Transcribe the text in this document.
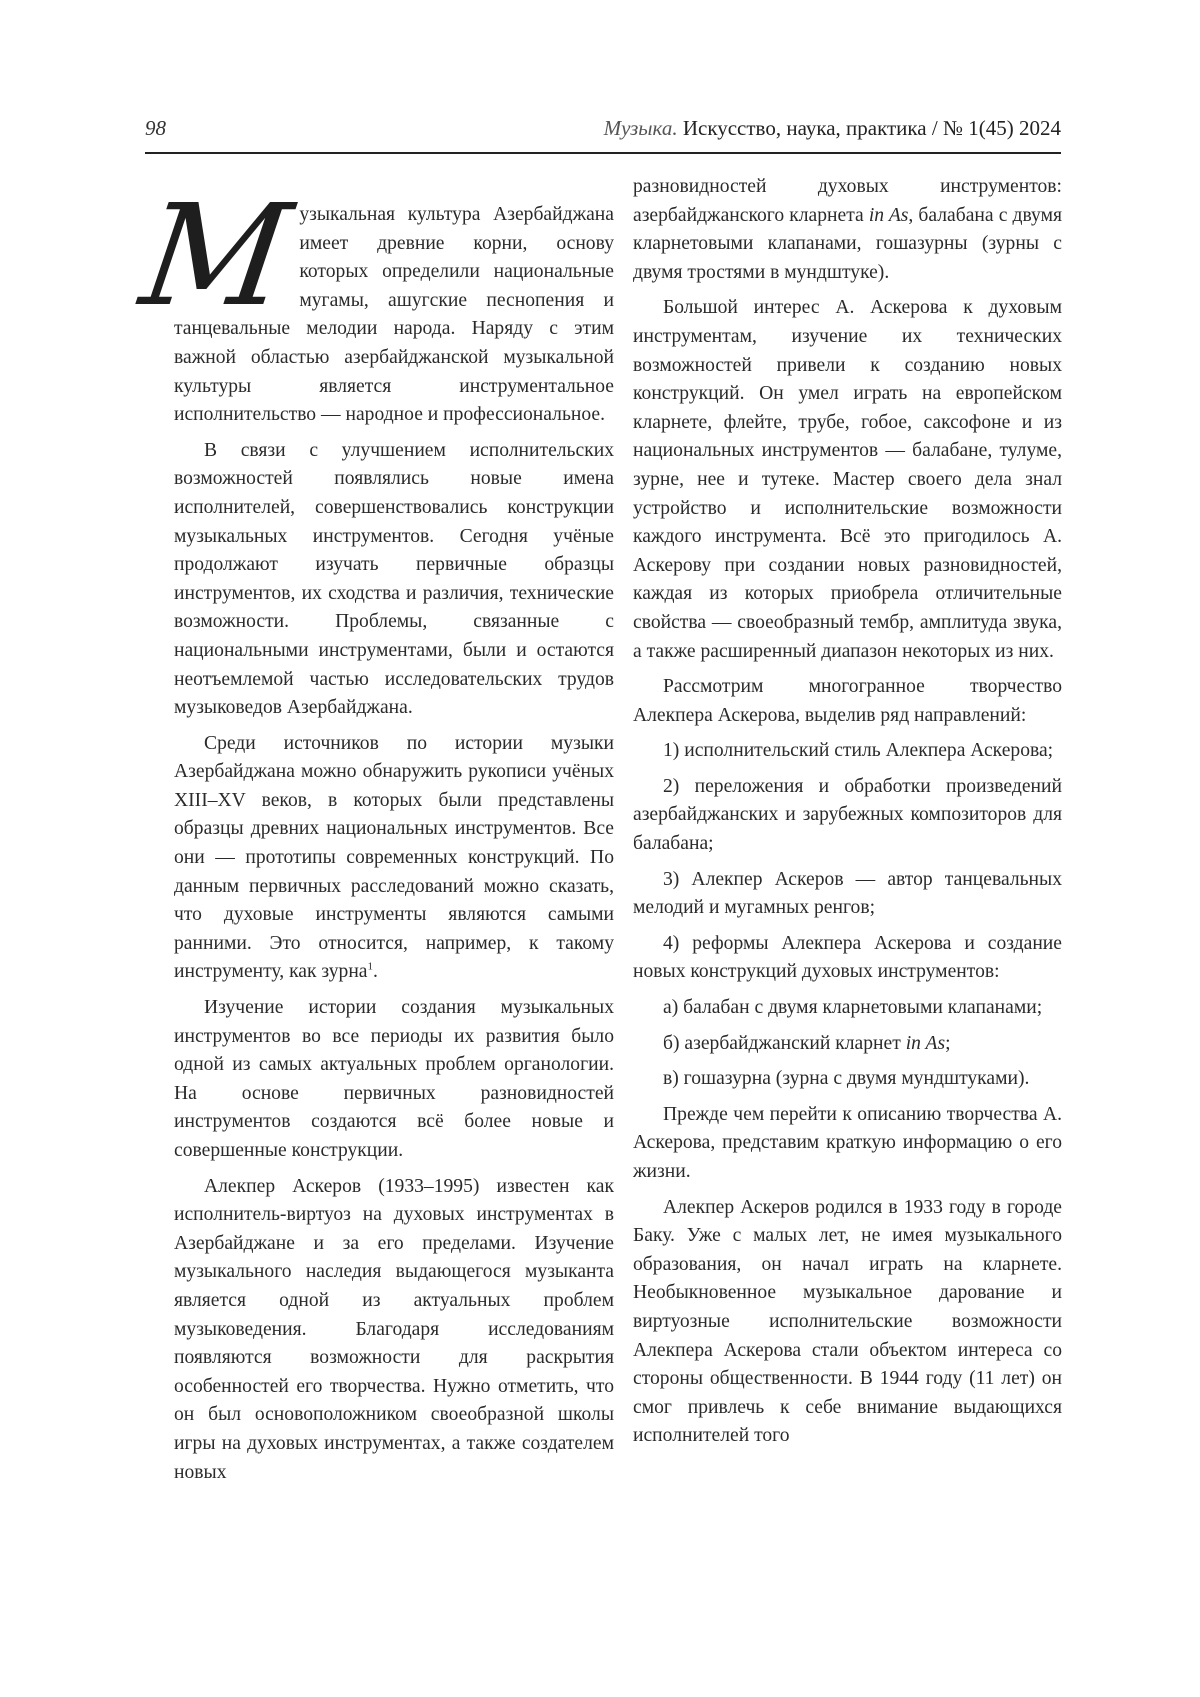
98	Музыка. Искусство, наука, практика / № 1(45) 2024

Музыкальная культура Азербайджана имеет древние корни, основу которых определили национальные мугамы, ашугские песнопения и танцевальные мелодии народа. Наряду с этим важной областью азербайджанской музыкальной культуры является инструментальное исполнительство — народное и профессиональное.

В связи с улучшением исполнительских возможностей появлялись новые имена исполнителей, совершенствовались конструкции музыкальных инструментов. Сегодня учёные продолжают изучать первичные образцы инструментов, их сходства и различия, технические возможности. Проблемы, связанные с национальными инструментами, были и остаются неотъемлемой частью исследовательских трудов музыковедов Азербайджана.

Среди источников по истории музыки Азербайджана можно обнаружить рукописи учёных XIII–XV веков, в которых были представлены образцы древних национальных инструментов. Все они — прототипы современных конструкций. По данным первичных расследований можно сказать, что духовые инструменты являются самыми ранними. Это относится, например, к такому инструменту, как зурна$^1$.

Изучение истории создания музыкальных инструментов во все периоды их развития было одной из самых актуальных проблем органологии. На основе первичных разновидностей инструментов создаются всё более новые и совершенные конструкции.

Алекпер Аскеров (1933–1995) известен как исполнитель-виртуоз на духовых инструментах в Азербайджане и за его пределами. Изучение музыкального наследия выдающегося музыканта является одной из актуальных проблем музыковедения. Благодаря исследованиям появляются возможности для раскрытия особенностей его творчества. Нужно отметить, что он был основоположником своеобразной школы игры на духовых инструментах, а также создателем новых

разновидностей духовых инструментов: азербайджанского кларнета in As, балабана с двумя кларнетовыми клапанами, гошазурны (зурны с двумя тростями в мундштуке).

Большой интерес А. Аскерова к духовым инструментам, изучение их технических возможностей привели к созданию новых конструкций. Он умел играть на европейском кларнете, флейте, трубе, гобое, саксофоне и из национальных инструментов — балабане, тулуме, зурне, нее и тутеке. Мастер своего дела знал устройство и исполнительские возможности каждого инструмента. Всё это пригодилось А. Аскерову при создании новых разновидностей, каждая из которых приобрела отличительные свойства — своеобразный тембр, амплитуда звука, а также расширенный диапазон некоторых из них.

Рассмотрим многогранное творчество Алекпера Аскерова, выделив ряд направлений:

1) исполнительский стиль Алекпера Аскерова;

2) переложения и обработки произведений азербайджанских и зарубежных композиторов для балабана;

3) Алекпер Аскеров — автор танцевальных мелодий и мугамных ренгов;

4) реформы Алекпера Аскерова и создание новых конструкций духовых инструментов:

а) балабан с двумя кларнетовыми клапанами;

б) азербайджанский кларнет in As;

в) гошазурна (зурна с двумя мундштуками).

Прежде чем перейти к описанию творчества А. Аскерова, представим краткую информацию о его жизни.

Алекпер Аскеров родился в 1933 году в городе Баку. Уже с малых лет, не имея музыкального образования, он начал играть на кларнете. Необыкновенное музыкальное дарование и виртуозные исполнительские возможности Алекпера Аскерова стали объектом интереса со стороны общественности. В 1944 году (11 лет) он смог привлечь к себе внимание выдающихся исполнителей того
